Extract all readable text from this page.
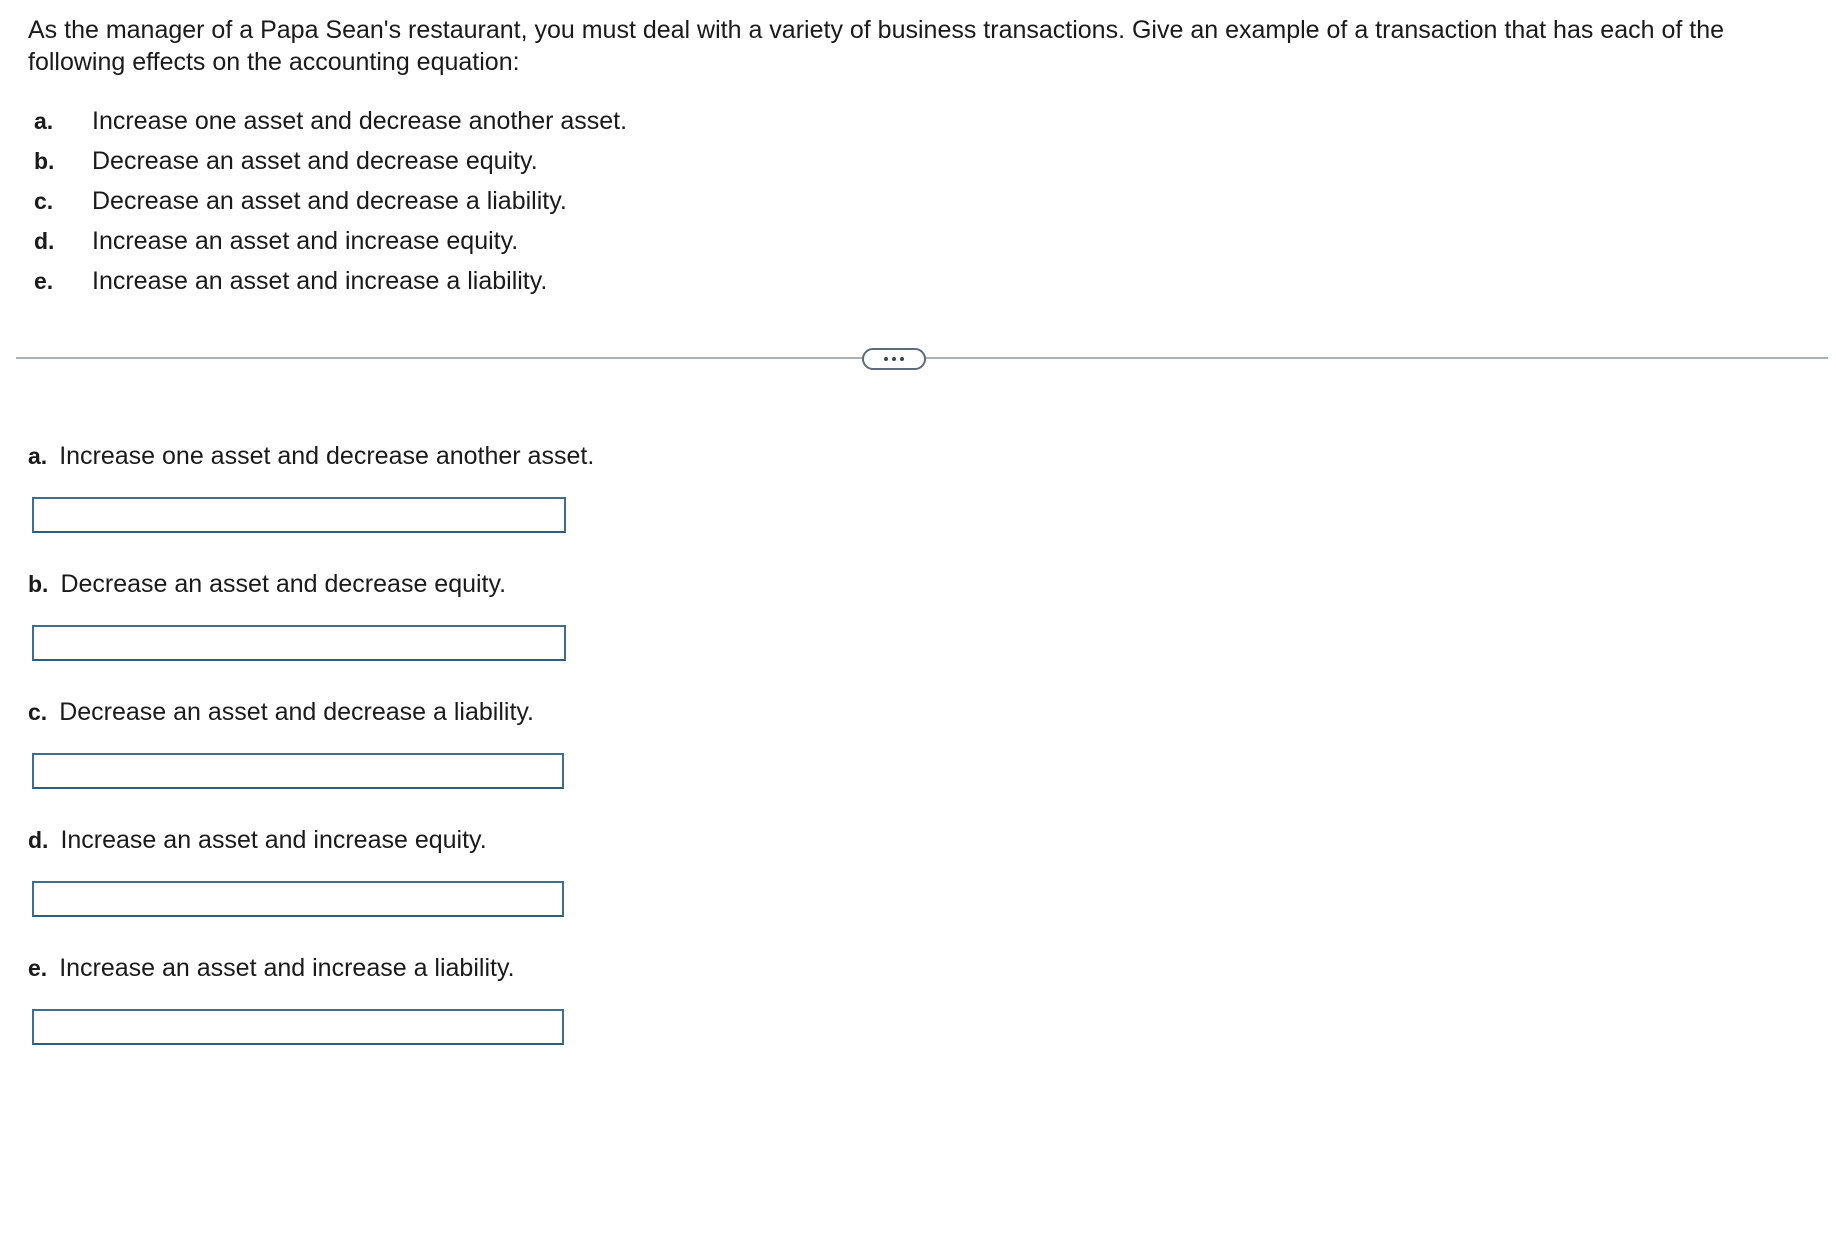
As the manager of a Papa Sean's restaurant, you must deal with a variety of business transactions. Give an example of a transaction that has each of the following effects on the accounting equation:

a.	Increase one asset and decrease another asset.
b.	Decrease an asset and decrease equity.
c.	Decrease an asset and decrease a liability.
d.	Increase an asset and increase equity.
e.	Increase an asset and increase a liability.
a. Increase one asset and decrease another asset.
b. Decrease an asset and decrease equity.
c. Decrease an asset and decrease a liability.
d. Increase an asset and increase equity.
e. Increase an asset and increase a liability.
